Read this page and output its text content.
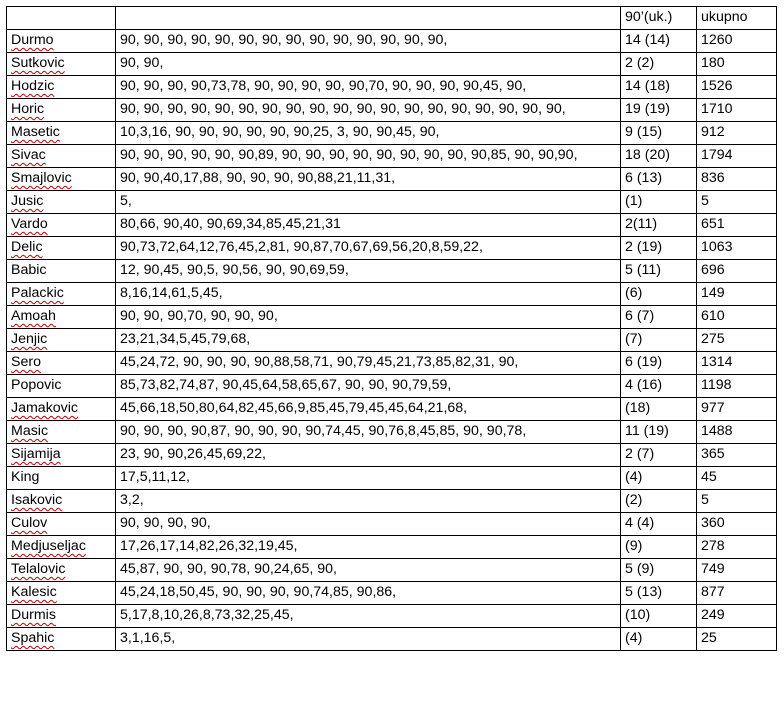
		90’(uk.)	ukupno
Durmo	90, 90, 90, 90, 90, 90, 90, 90, 90, 90, 90, 90, 90, 90,	14 (14)	1260
Sutkovic	90, 90,	2 (2)	180
Hodzic	90, 90, 90, 90,73,78, 90, 90, 90, 90, 90,70, 90, 90, 90, 90,45, 90,	14 (18)	1526
Horic	90, 90, 90, 90, 90, 90, 90, 90, 90, 90, 90, 90, 90, 90, 90, 90, 90, 90, 90,	19 (19)	1710
Masetic	10,3,16, 90, 90, 90, 90, 90, 90,25, 3, 90, 90,45, 90,	9 (15)	912
Sivac	90, 90, 90, 90, 90, 90,89, 90, 90, 90, 90, 90, 90, 90, 90, 90,85, 90, 90,90,	18 (20)	1794
Smajlovic	90, 90,40,17,88, 90, 90, 90, 90,88,21,11,31,	6 (13)	836
Jusic	5,	(1)	5
Vardo	80,66, 90,40, 90,69,34,85,45,21,31	2(11)	651
Delic	90,73,72,64,12,76,45,2,81, 90,87,70,67,69,56,20,8,59,22,	2 (19)	1063
Babic	12, 90,45, 90,5, 90,56, 90, 90,69,59,	5 (11)	696
Palackic	8,16,14,61,5,45,	(6)	149
Amoah	90, 90, 90,70, 90, 90, 90,	6 (7)	610
Jenjic	23,21,34,5,45,79,68,	(7)	275
Sero	45,24,72, 90, 90, 90, 90,88,58,71, 90,79,45,21,73,85,82,31, 90,	6 (19)	1314
Popovic	85,73,82,74,87, 90,45,64,58,65,67, 90, 90, 90,79,59,	4 (16)	1198
Jamakovic	45,66,18,50,80,64,82,45,66,9,85,45,79,45,45,64,21,68,	(18)	977
Masic	90, 90, 90, 90,87, 90, 90, 90, 90,74,45, 90,76,8,45,85, 90, 90,78,	11 (19)	1488
Sijamija	23, 90, 90,26,45,69,22,	2 (7)	365
King	17,5,11,12,	(4)	45
Isakovic	3,2,	(2)	5
Culov	90, 90, 90, 90,	4 (4)	360
Medjuseljac	17,26,17,14,82,26,32,19,45,	(9)	278
Telalovic	45,87, 90, 90, 90,78, 90,24,65, 90,	5 (9)	749
Kalesic	45,24,18,50,45, 90, 90, 90, 90,74,85, 90,86,	5 (13)	877
Durmis	5,17,8,10,26,8,73,32,25,45,	(10)	249
Spahic	3,1,16,5,	(4)	25
